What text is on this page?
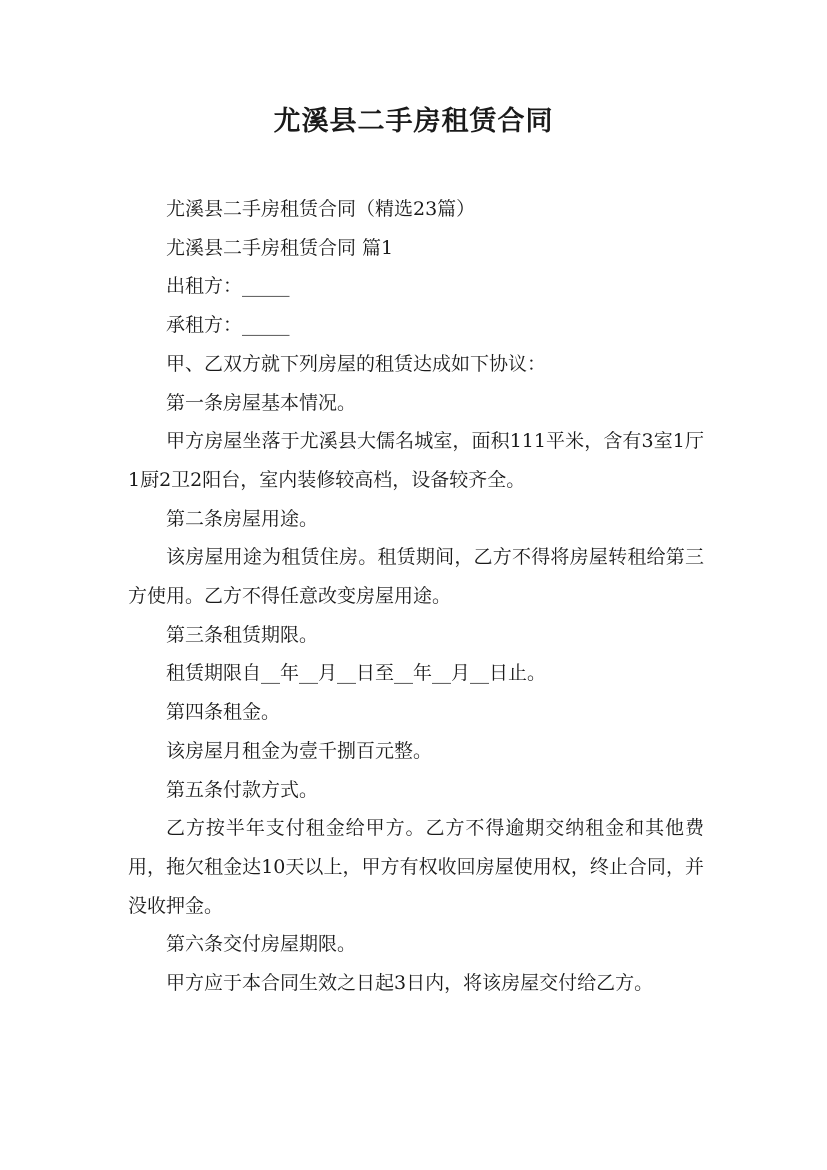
尤溪县二手房租赁合同

尤溪县二手房租赁合同（精选23篇）

尤溪县二手房租赁合同 篇1

出租方：_____

承租方：_____

甲、乙双方就下列房屋的租赁达成如下协议：

第一条房屋基本情况。

甲方房屋坐落于尤溪县大儒名城室，面积111平米，含有3室1厅1厨2卫2阳台，室内装修较高档，设备较齐全。

第二条房屋用途。

该房屋用途为租赁住房。租赁期间，乙方不得将房屋转租给第三方使用。乙方不得任意改变房屋用途。

第三条租赁期限。

租赁期限自__年__月__日至__年__月__日止。

第四条租金。

该房屋月租金为壹千捌百元整。

第五条付款方式。

乙方按半年支付租金给甲方。乙方不得逾期交纳租金和其他费用，拖欠租金达10天以上，甲方有权收回房屋使用权，终止合同，并没收押金。

第六条交付房屋期限。

甲方应于本合同生效之日起3日内，将该房屋交付给乙方。
